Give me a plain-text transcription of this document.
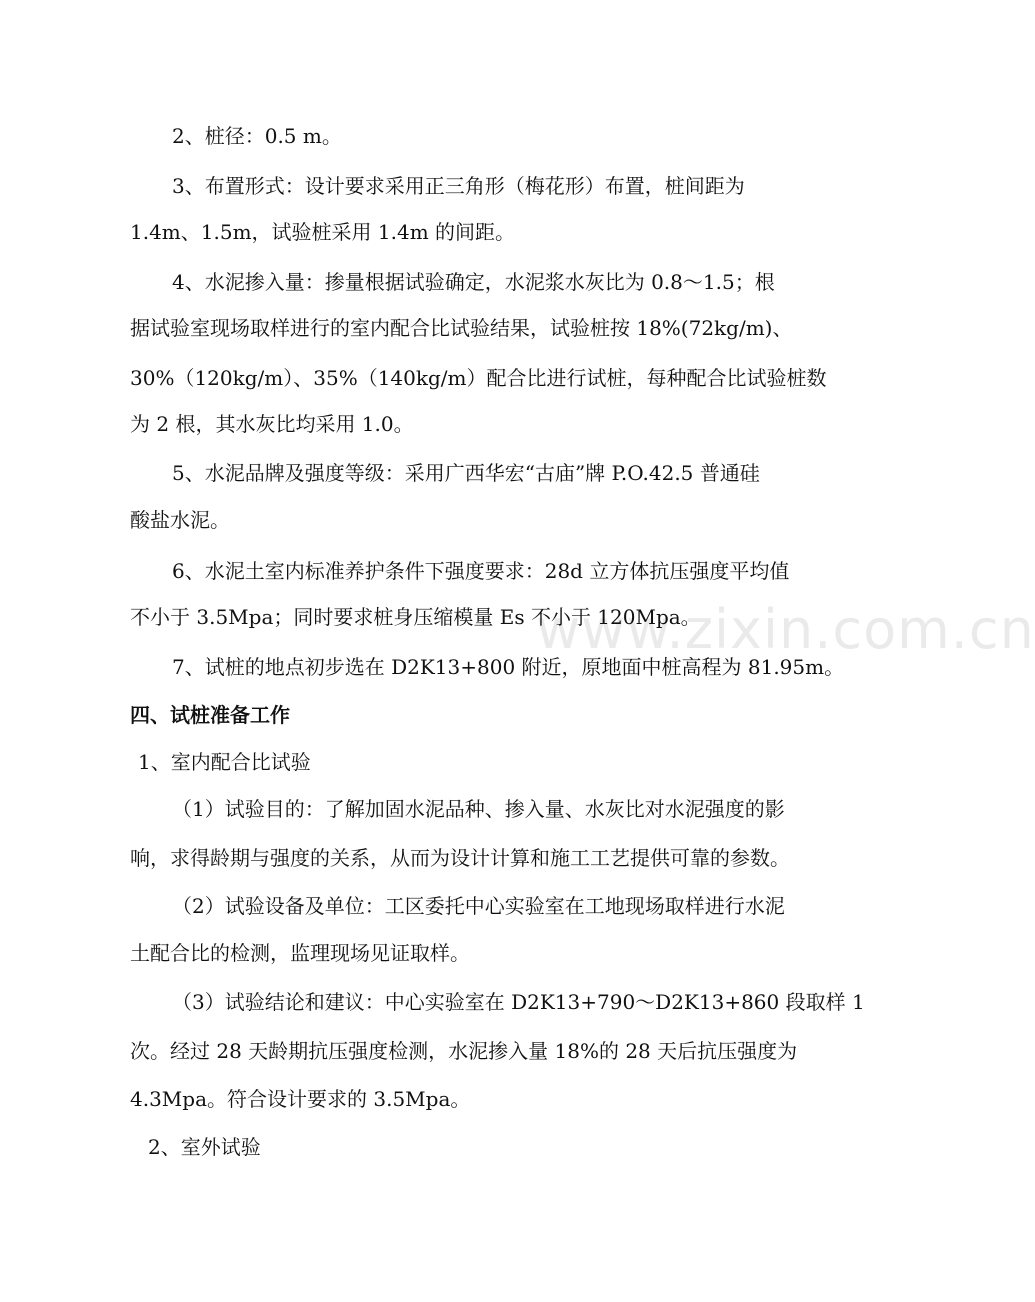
2、桩径：0.5 m。
3、布置形式：设计要求采用正三角形（梅花形）布置，桩间距为
1.4m、1.5m，试验桩采用 1.4m 的间距。
4、水泥掺入量：掺量根据试验确定，水泥浆水灰比为 0.8～1.5；根
据试验室现场取样进行的室内配合比试验结果，试验桩按 18%(72kg/m)、
30%（120kg/m）、35%（140kg/m）配合比进行试桩，每种配合比试验桩数
为 2 根，其水灰比均采用 1.0。
5、水泥品牌及强度等级：采用广西华宏“古庙”牌 P.O.42.5 普通硅
酸盐水泥。
6、水泥土室内标准养护条件下强度要求：28d 立方体抗压强度平均值
不小于 3.5Mpa；同时要求桩身压缩模量 Es 不小于 120Mpa。
7、试桩的地点初步选在 D2K13+800 附近，原地面中桩高程为 81.95m。
四、试桩准备工作
1、室内配合比试验
（1）试验目的：了解加固水泥品种、掺入量、水灰比对水泥强度的影
响，求得龄期与强度的关系，从而为设计计算和施工工艺提供可靠的参数。
（2）试验设备及单位：工区委托中心实验室在工地现场取样进行水泥
土配合比的检测，监理现场见证取样。
（3）试验结论和建议：中心实验室在 D2K13+790～D2K13+860 段取样 1
次。经过 28 天龄期抗压强度检测，水泥掺入量 18%的 28 天后抗压强度为
4.3Mpa。符合设计要求的 3.5Mpa。
2、室外试验
www.zixin.com.cn
